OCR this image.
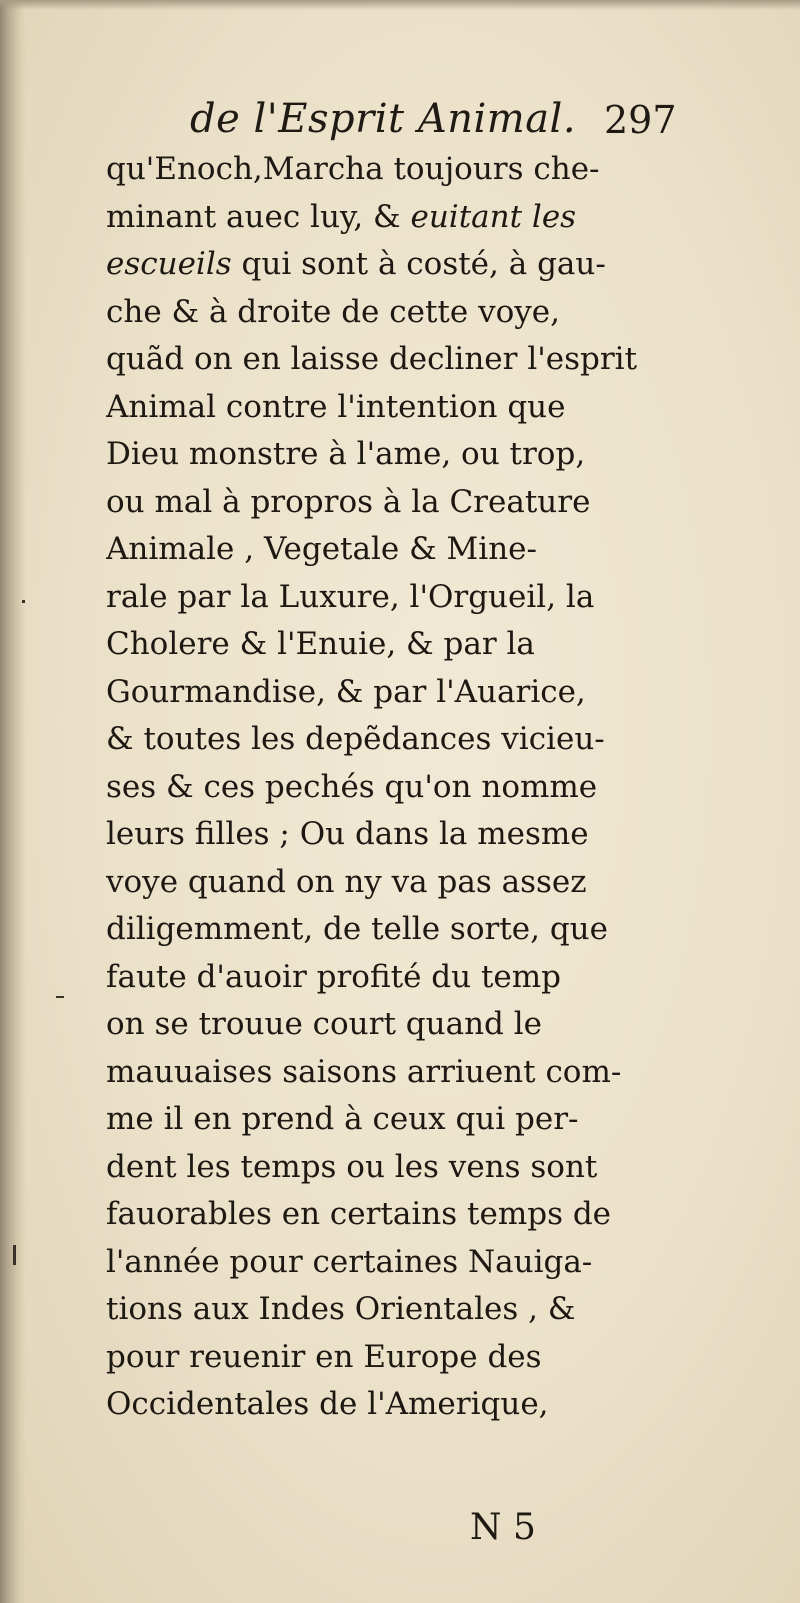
de l'Esprit Animal. 297
qu'Enoch,Marcha toujours che-
minant auec luy, & euitant les
escueils qui sont à costé, à gau-
che & à droite de cette voye,
quãd on en laisse decliner l'esprit
Animal contre l'intention que
Dieu monstre à l'ame, ou trop,
ou mal à propros à la Creature
Animale , Vegetale & Mine-
rale par la Luxure, l'Orgueil, la
Cholere & l'Enuie, & par la
Gourmandise, & par l'Auarice,
& toutes les depẽdances vicieu-
ses & ces pechés qu'on nomme
leurs filles ; Ou dans la mesme
voye quand on ny va pas assez
diligemment, de telle sorte, que
faute d'auoir profité du temp
on se trouue court quand le
mauuaises saisons arriuent com-
me il en prend à ceux qui per-
dent les temps ou les vens sont
fauorables en certains temps de
l'année pour certaines Nauiga-
tions aux Indes Orientales , &
pour reuenir en Europe des
Occidentales de l'Amerique,
N 5
